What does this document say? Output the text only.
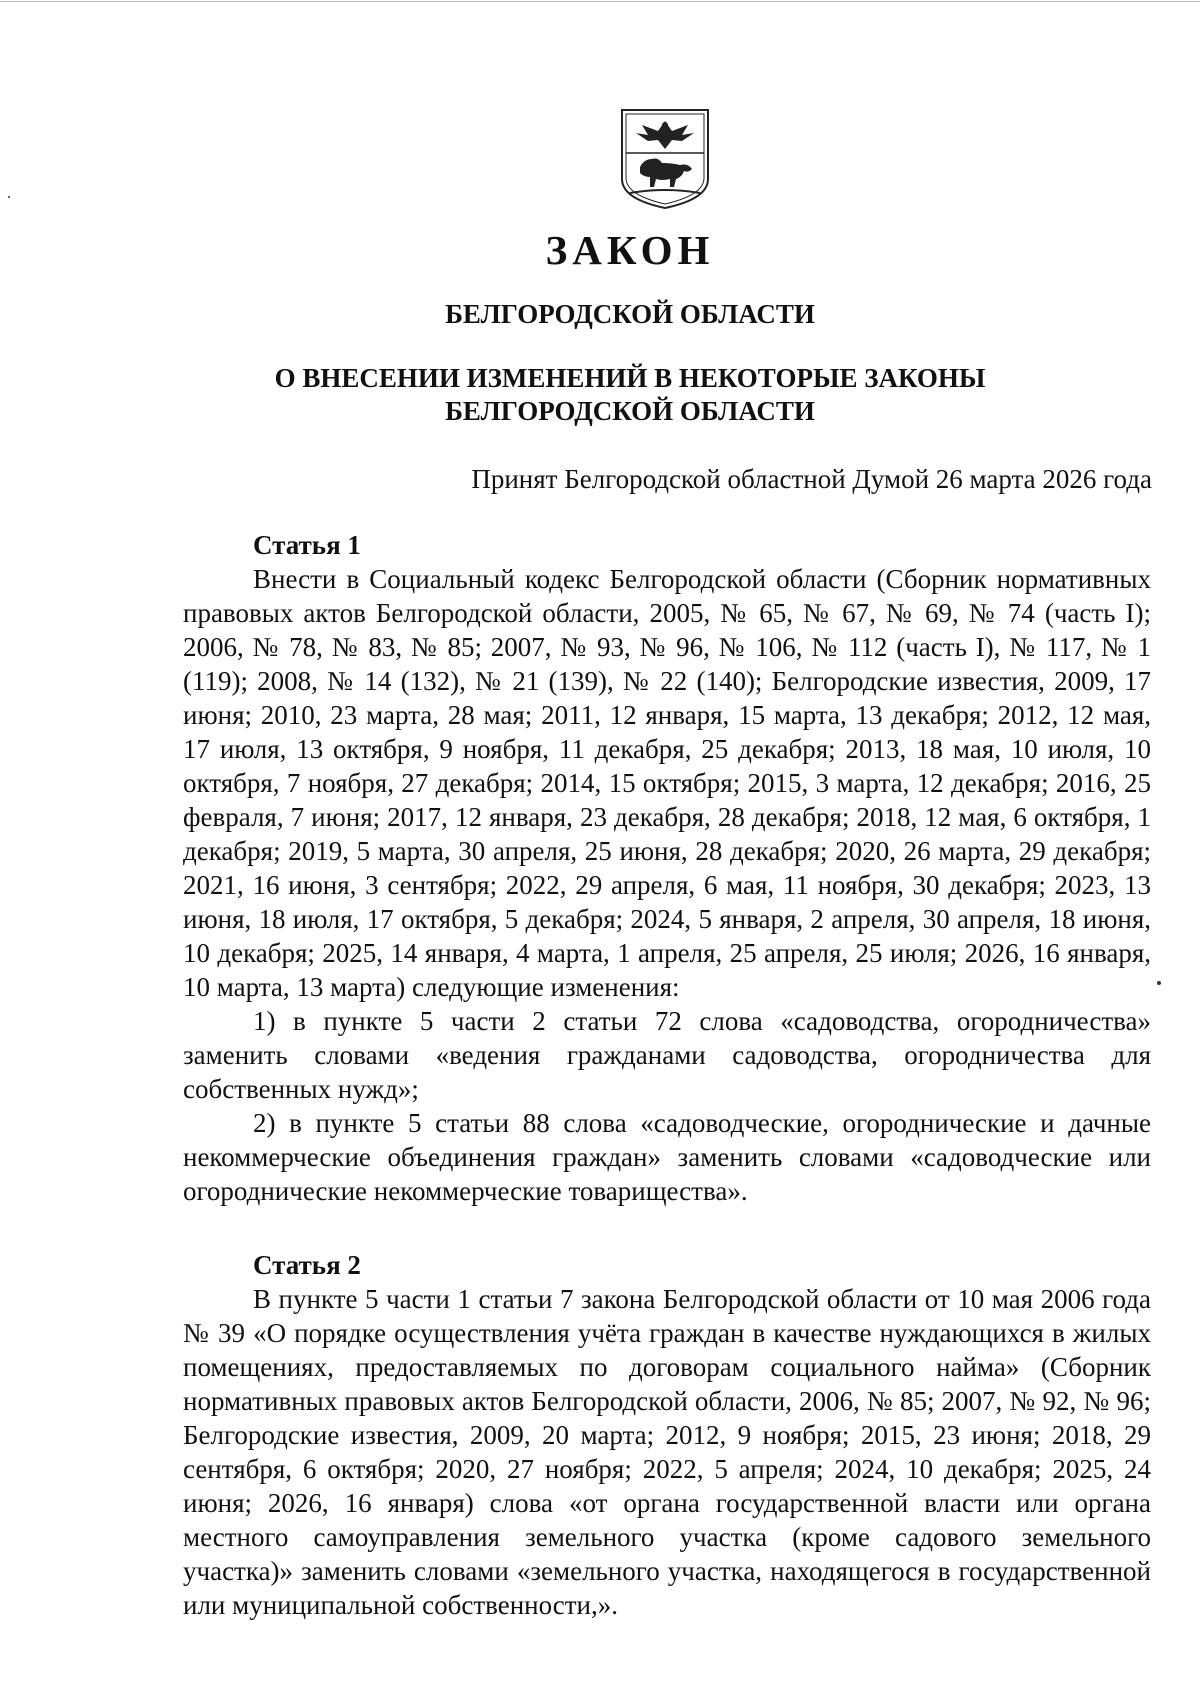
ЗАКОН
БЕЛГОРОДСКОЙ ОБЛАСТИ
О ВНЕСЕНИИ ИЗМЕНЕНИЙ В НЕКОТОРЫЕ ЗАКОНЫ
БЕЛГОРОДСКОЙ ОБЛАСТИ
Принят Белгородской областной Думой 26 марта 2026 года

Статья 1

Внести в Социальный кодекс Белгородской области (Сборник нормативных правовых актов Белгородской области, 2005, № 65, № 67, № 69, № 74 (часть I); 2006, № 78, № 83, № 85; 2007, № 93, № 96, № 106, № 112 (часть I), № 117, № 1 (119); 2008, № 14 (132), № 21 (139), № 22 (140); Белгородские известия, 2009, 17 июня; 2010, 23 марта, 28 мая; 2011, 12 января, 15 марта, 13 декабря; 2012, 12 мая, 17 июля, 13 октября, 9 ноября, 11 декабря, 25 декабря; 2013, 18 мая, 10 июля, 10 октября, 7 ноября, 27 декабря; 2014, 15 октября; 2015, 3 марта, 12 декабря; 2016, 25 февраля, 7 июня; 2017, 12 января, 23 декабря, 28 декабря; 2018, 12 мая, 6 октября, 1 декабря; 2019, 5 марта, 30 апреля, 25 июня, 28 декабря; 2020, 26 марта, 29 декабря; 2021, 16 июня, 3 сентября; 2022, 29 апреля, 6 мая, 11 ноября, 30 декабря; 2023, 13 июня, 18 июля, 17 октября, 5 декабря; 2024, 5 января, 2 апреля, 30 апреля, 18 июня, 10 декабря; 2025, 14 января, 4 марта, 1 апреля, 25 апреля, 25 июля; 2026, 16 января, 10 марта, 13 марта) следующие изменения:

1) в пункте 5 части 2 статьи 72 слова «садоводства, огородничества» заменить словами «ведения гражданами садоводства, огородничества для собственных нужд»;

2) в пункте 5 статьи 88 слова «садоводческие, огороднические и дачные некоммерческие объединения граждан» заменить словами «садоводческие или огороднические некоммерческие товарищества».

Статья 2

В пункте 5 части 1 статьи 7 закона Белгородской области от 10 мая 2006 года № 39 «О порядке осуществления учёта граждан в качестве нуждающихся в жилых помещениях, предоставляемых по договорам социального найма» (Сборник нормативных правовых актов Белгородской области, 2006, № 85; 2007, № 92, № 96; Белгородские известия, 2009, 20 марта; 2012, 9 ноября; 2015, 23 июня; 2018, 29 сентября, 6 октября; 2020, 27 ноября; 2022, 5 апреля; 2024, 10 декабря; 2025, 24 июня; 2026, 16 января) слова «от органа государственной власти или органа местного самоуправления земельного участка (кроме садового земельного участка)» заменить словами «земельного участка, находящегося в государственной или муниципальной собственности,».
